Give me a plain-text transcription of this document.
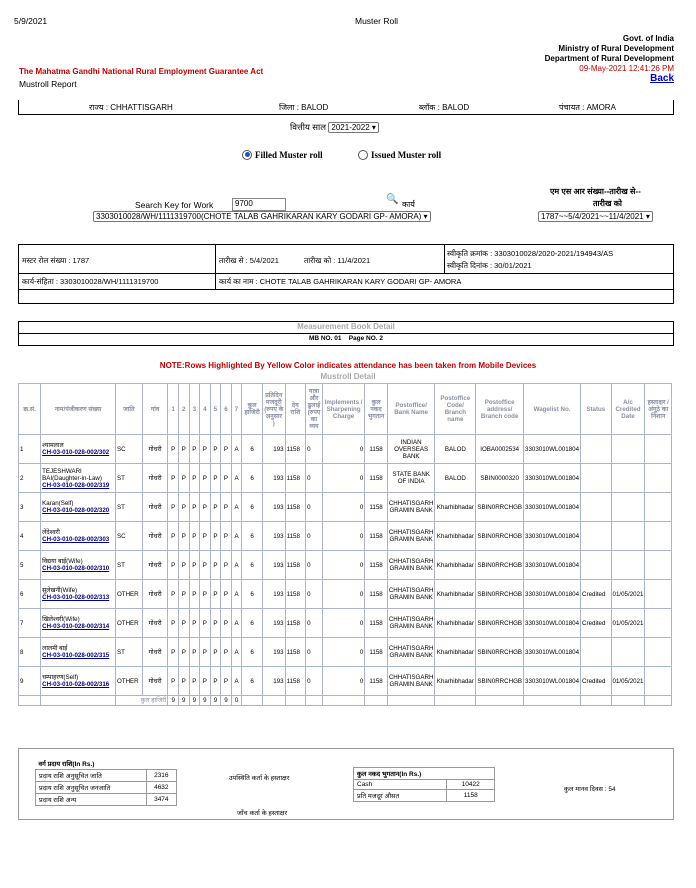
5/9/2021	Muster Roll
Govt. of India
Ministry of Rural Development
Department of Rural Development
09-May-2021 12:41:26 PM
Back
The Mahatma Gandhi National Rural Employment Guarantee Act
Mustroll Report
राज्य : CHHATTISGARH	जिला : BALOD	ब्लॉक : BALOD	पंचायत : AMORA
वित्तीय साल 2021-2022 ▾
Filled Muster roll	Issued Muster roll
Search Key for Work	9700	🔍 कार्य
3303010028/WH/1111319700(CHOTE TALAB GAHRIKARAN KARY GODARI GP- AMORA) ▾
एम एस आर संख्या--तारीख से--
तारीख को
1787~~5/4/2021~~11/4/2021 ▾
मस्टर रोल संख्या : 1787	तारीख से : 5/4/2021	तारीख को : 11/4/2021
स्वीकृति क्रमांक : 3303010028/2020-2021/194943/AS
स्वीकृति दिनांक : 30/01/2021
कार्य-संहिता : 3303010028/WH/1111319700	कार्य का नाम : CHOTE TALAB GAHRIKARAN KARY GODARI GP- AMORA
Measurement Book Detail
MB NO. 01 Page NO. 2
NOTE:Rows Highlighted By Yellow Color indicates attendance has been taken from Mobile Devices
Mustroll Detail
क्र.सं.	नाम/पंजीकरण संख्या	जाति	गांव	1	2	3	4	5	6	7	कुल हाजिरी	प्रतिदिन मजदूरी (रुपए के अनुसार )	देय राशि	यात्रा और ढुलाई (रुपए का व्यय	Implements / Sharpening Charge	कुल नकद भुगतान	Postoffice/ Bank Name	Postoffice Code/ Branch name	Postoffice address/ Branch code	Wagelist No.	Status	A/c Credited Date	हस्ताक्षर / अंगूठे का निशान
1	श्यामलाल
CH-03-010-028-002/302	SC	गोधरी	P	P	P	P	P	P	A	6	193	1158	0	0	1158	INDIAN OVERSEAS BANK	BALOD	IOBA0002534	3303010WL001804			
2	TEJESHWARI BAI(Daughter-in-Law)
CH-03-010-028-002/319	ST	गोधरी	P	P	P	P	P	P	A	6	193	1158	0	0	1158	STATE BANK OF INDIA	BALOD	SBIN0000320	3303010WL001804			
3	Karan(Self)
CH-03-010-028-002/320	ST	गोधरी	P	P	P	P	P	P	A	6	193	1158	0	0	1158	CHHATISGARH GRAMIN BANK	Kharhibhadar	SBIN0RRCHGB	3303010WL001804			
4	लेंदेश्वरी
CH-03-010-028-002/303	SC	गोधरी	P	P	P	P	P	P	A	6	193	1158	0	0	1158	CHHATISGARH GRAMIN BANK	Kharhibhadar	SBIN0RRCHGB	3303010WL001804			
5	विद्यया बाई(Wife)
CH-03-010-028-002/310	ST	गोधरी	P	P	P	P	P	P	A	6	193	1158	0	0	1158	CHHATISGARH GRAMIN BANK	Kharhibhadar	SBIN0RRCHGB	3303010WL001804			
6	सुलेखनी(Wife)
CH-03-010-028-002/313	OTHER	गोधरी	P	P	P	P	P	P	A	6	193	1158	0	0	1158	CHHATISGARH GRAMIN BANK	Kharhibhadar	SBIN0RRCHGB	3303010WL001804	Credited	01/05/2021	
7	खिलेश्वरी(Wife)
CH-03-010-028-002/314	OTHER	गोधरी	P	P	P	P	P	P	A	6	193	1158	0	0	1158	CHHATISGARH GRAMIN BANK	Kharhibhadar	SBIN0RRCHGB	3303010WL001804	Credited	01/05/2021	
8	लालमी बाई
CH-03-010-028-002/315	ST	गोधरी	P	P	P	P	P	P	A	6	193	1158	0	0	1158	CHHATISGARH GRAMIN BANK	Kharhibhadar	SBIN0RRCHGB	3303010WL001804			
9	चम्पाहरण(Self)
CH-03-010-028-002/316	OTHER	गोधरी	P	P	P	P	P	P	A	6	193	1158	0	0	1158	CHHATISGARH GRAMIN BANK	Kharhibhadar	SBIN0RRCHGB	3303010WL001804	Credited	01/05/2021	
		कुल हाजिरी		9	9	9	9	9	9	0													
वर्ग प्रदाय राशि(In Rs.)	
प्रदाय राशि अनुसूचित जाति	2316
प्रदाय राशि अनुसूचित जनजाति	4632
प्रदाय राशि अन्य	3474
उपस्थिति कर्ता के हस्ताक्षर
जाँच कर्ता के हस्ताक्षर
कुल नकद भुगतान(In Rs.)	
Cash	10422
प्रति मजदूर औसत	1158
कुल मानव दिवस : 54
